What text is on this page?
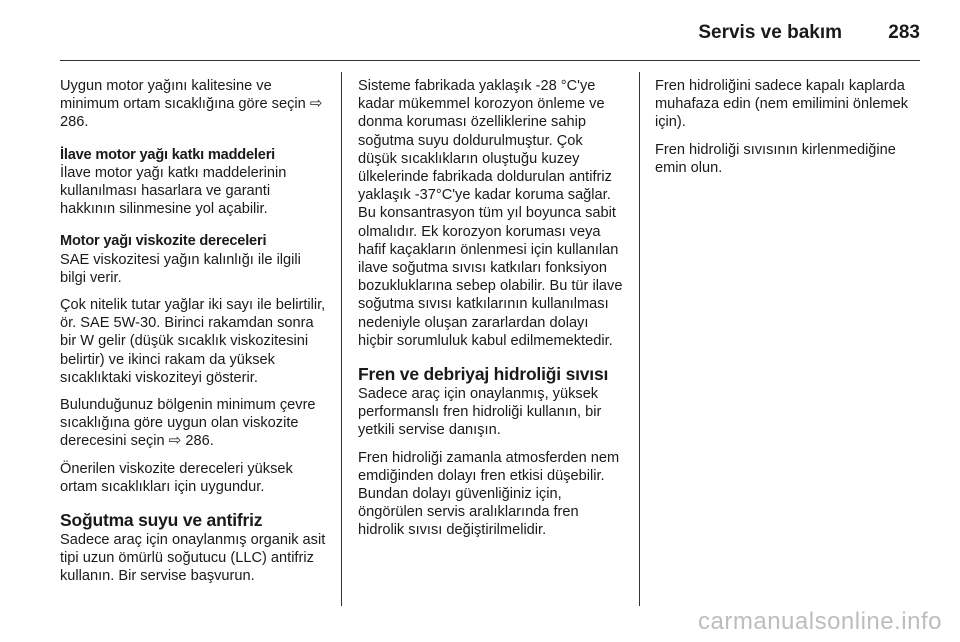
Servis ve bakım 283

Uygun motor yağını kalitesine ve minimum ortam sıcaklığına göre seçin ⇨ 286.

İlave motor yağı katkı maddeleri

İlave motor yağı katkı maddelerinin kullanılması hasarlara ve garanti hakkının silinmesine yol açabilir.

Motor yağı viskozite dereceleri

SAE viskozitesi yağın kalınlığı ile ilgili bilgi verir.

Çok nitelik tutar yağlar iki sayı ile belirtilir, ör. SAE 5W-30. Birinci rakamdan sonra bir W gelir (düşük sıcaklık viskozitesini belirtir) ve ikinci rakam da yüksek sıcaklıktaki viskoziteyi gösterir.

Bulunduğunuz bölgenin minimum çevre sıcaklığına göre uygun olan viskozite derecesini seçin ⇨ 286.

Önerilen viskozite dereceleri yüksek ortam sıcaklıkları için uygundur.

Soğutma suyu ve antifriz

Sadece araç için onaylanmış organik asit tipi uzun ömürlü soğutucu (LLC) antifriz kullanın. Bir servise başvurun.

Sisteme fabrikada yaklaşık -28 °C'ye kadar mükemmel korozyon önleme ve donma koruması özelliklerine sahip soğutma suyu doldurulmuştur. Çok düşük sıcaklıkların oluştuğu kuzey ülkelerinde fabrikada doldurulan antifriz yaklaşık -37°C'ye kadar koruma sağlar. Bu konsantrasyon tüm yıl boyunca sabit olmalıdır. Ek korozyon koruması veya hafif kaçakların önlenmesi için kullanılan ilave soğutma sıvısı katkıları fonksiyon bozukluklarına sebep olabilir. Bu tür ilave soğutma sıvısı katkılarının kullanılması nedeniyle oluşan zararlardan dolayı hiçbir sorumluluk kabul edilmemektedir.

Fren ve debriyaj hidroliği sıvısı

Sadece araç için onaylanmış, yüksek performanslı fren hidroliği kullanın, bir yetkili servise danışın.

Fren hidroliği zamanla atmosferden nem emdiğinden dolayı fren etkisi düşebilir. Bundan dolayı güvenliğiniz için, öngörülen servis aralıklarında fren hidrolik sıvısı değiştirilmelidir.

Fren hidroliğini sadece kapalı kaplarda muhafaza edin (nem emilimini önlemek için).

Fren hidroliği sıvısının kirlenmediğine emin olun.

carmanualsonline.info
